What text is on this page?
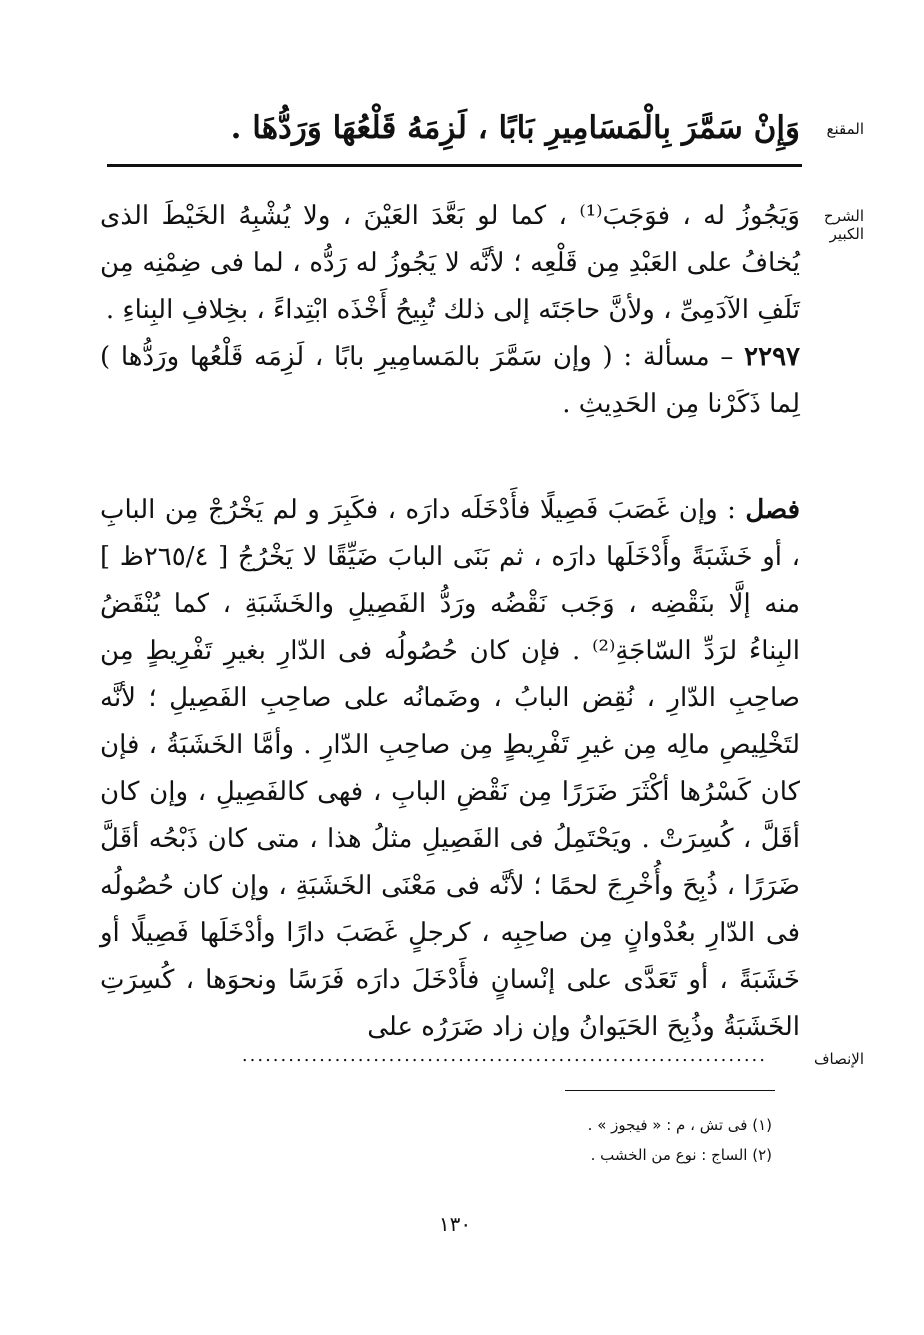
المقنع
وَإِنْ سَمَّرَ بِالْمَسَامِيرِ بَابًا ، لَزِمَهُ قَلْعُهَا وَرَدُّهَا .
الشرح الكبير

وَيَجُوزُ له ، فوَجَبَ⁽¹⁾ ، كما لو بَعَّدَ العَيْنَ ، ولا يُشْبِهُ الخَيْطَ الذى يُخافُ على العَبْدِ مِن قَلْعِه ؛ لأنَّه لا يَجُوزُ له رَدُّه ، لما فى ضِمْنِه مِن تَلَفِ الآدَمِىِّ ، ولأنَّ حاجَتَه إلى ذلك تُبِيحُ أَخْذَه ابْتِداءً ، بخِلافِ البِناءِ .

٢٢٩٧ – مسألة : ( وإن سَمَّرَ بالمَسامِيرِ بابًا ، لَزِمَه قَلْعُها ورَدُّها ) لِما ذَكَرْنا مِن الحَدِيثِ .

فصل : وإن غَصَبَ فَصِيلًا فأَدْخَلَه دارَه ، فكَبِرَ و لم يَخْرُجْ مِن البابِ ، أو خَشَبَةً وأَدْخَلَها دارَه ، ثم بَنَى البابَ ضَيِّقًا لا يَخْرُجُ [ ٢٦٥/٤ظ ] منه إلَّا بنَقْضِه ، وَجَب نَقْضُه ورَدُّ الفَصِيلِ والخَشَبَةِ ، كما يُنْقَضُ البِناءُ لرَدِّ السّاجَةِ⁽²⁾ . فإن كان حُصُولُه فى الدّارِ بغيرِ تَفْرِيطٍ مِن صاحِبِ الدّارِ ، نُقِض البابُ ، وضَمانُه على صاحِبِ الفَصِيلِ ؛ لأنَّه لتَخْلِيصِ مالِه مِن غيرِ تَفْرِيطٍ مِن صاحِبِ الدّارِ . وأمَّا الخَشَبَةُ ، فإن كان كَسْرُها أكْثَرَ ضَرَرًا مِن نَقْضِ البابِ ، فهى كالفَصِيلِ ، وإن كان أقَلَّ ، كُسِرَتْ . ويَحْتَمِلُ فى الفَصِيلِ مثلُ هذا ، متى كان ذَبْحُه أقَلَّ ضَرَرًا ، ذُبِحَ وأُخْرِجَ لحمًا ؛ لأنَّه فى مَعْنَى الخَشَبَةِ ، وإن كان حُصُولُه فى الدّارِ بعُدْوانٍ مِن صاحِبِه ، كرجلٍ غَصَبَ دارًا وأدْخَلَها فَصِيلًا أو خَشَبَةً ، أو تَعَدَّى على إنْسانٍ فأَدْخَلَ دارَه فَرَسًا ونحوَها ، كُسِرَتِ الخَشَبَةُ وذُبِحَ الحَيَوانُ وإن زاد ضَرَرُه على

الإنصاف
....................................................................
(١) فى تش ، م : « فيجوز » .
(٢) الساج : نوع من الخشب .
١٣٠
